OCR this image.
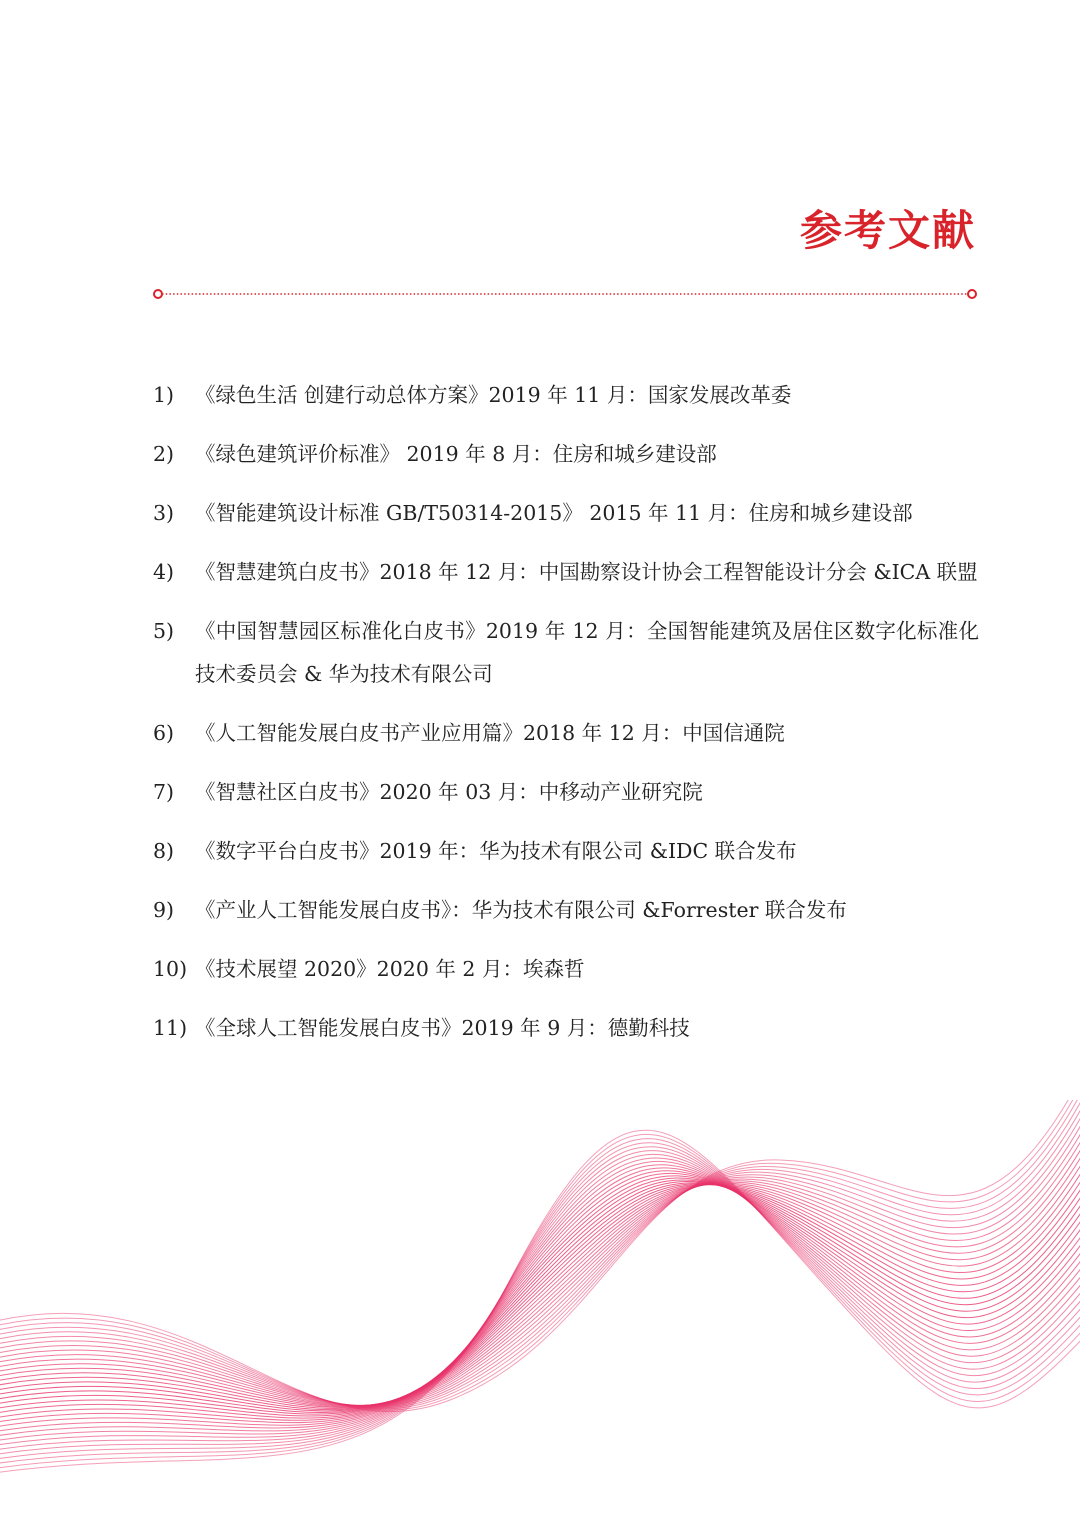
参考文献
1)	《绿色生活 创建行动总体方案》2019 年 11 月：国家发展改革委
2)	《绿色建筑评价标准》 2019 年 8 月：住房和城乡建设部
3)	《智能建筑设计标准 GB/T50314-2015》 2015 年 11 月：住房和城乡建设部
4)	《智慧建筑白皮书》2018 年 12 月：中国勘察设计协会工程智能设计分会 &ICA 联盟
5)	《中国智慧园区标准化白皮书》2019 年 12 月：全国智能建筑及居住区数字化标准化技术委员会 & 华为技术有限公司
6)	《人工智能发展白皮书产业应用篇》2018 年 12 月：中国信通院
7)	《智慧社区白皮书》2020 年 03 月：中移动产业研究院
8)	《数字平台白皮书》2019 年：华为技术有限公司 &IDC 联合发布
9)	《产业人工智能发展白皮书》：华为技术有限公司 &Forrester 联合发布
10) 《技术展望 2020》2020 年 2 月：埃森哲
11) 《全球人工智能发展白皮书》2019 年 9 月：德勤科技
